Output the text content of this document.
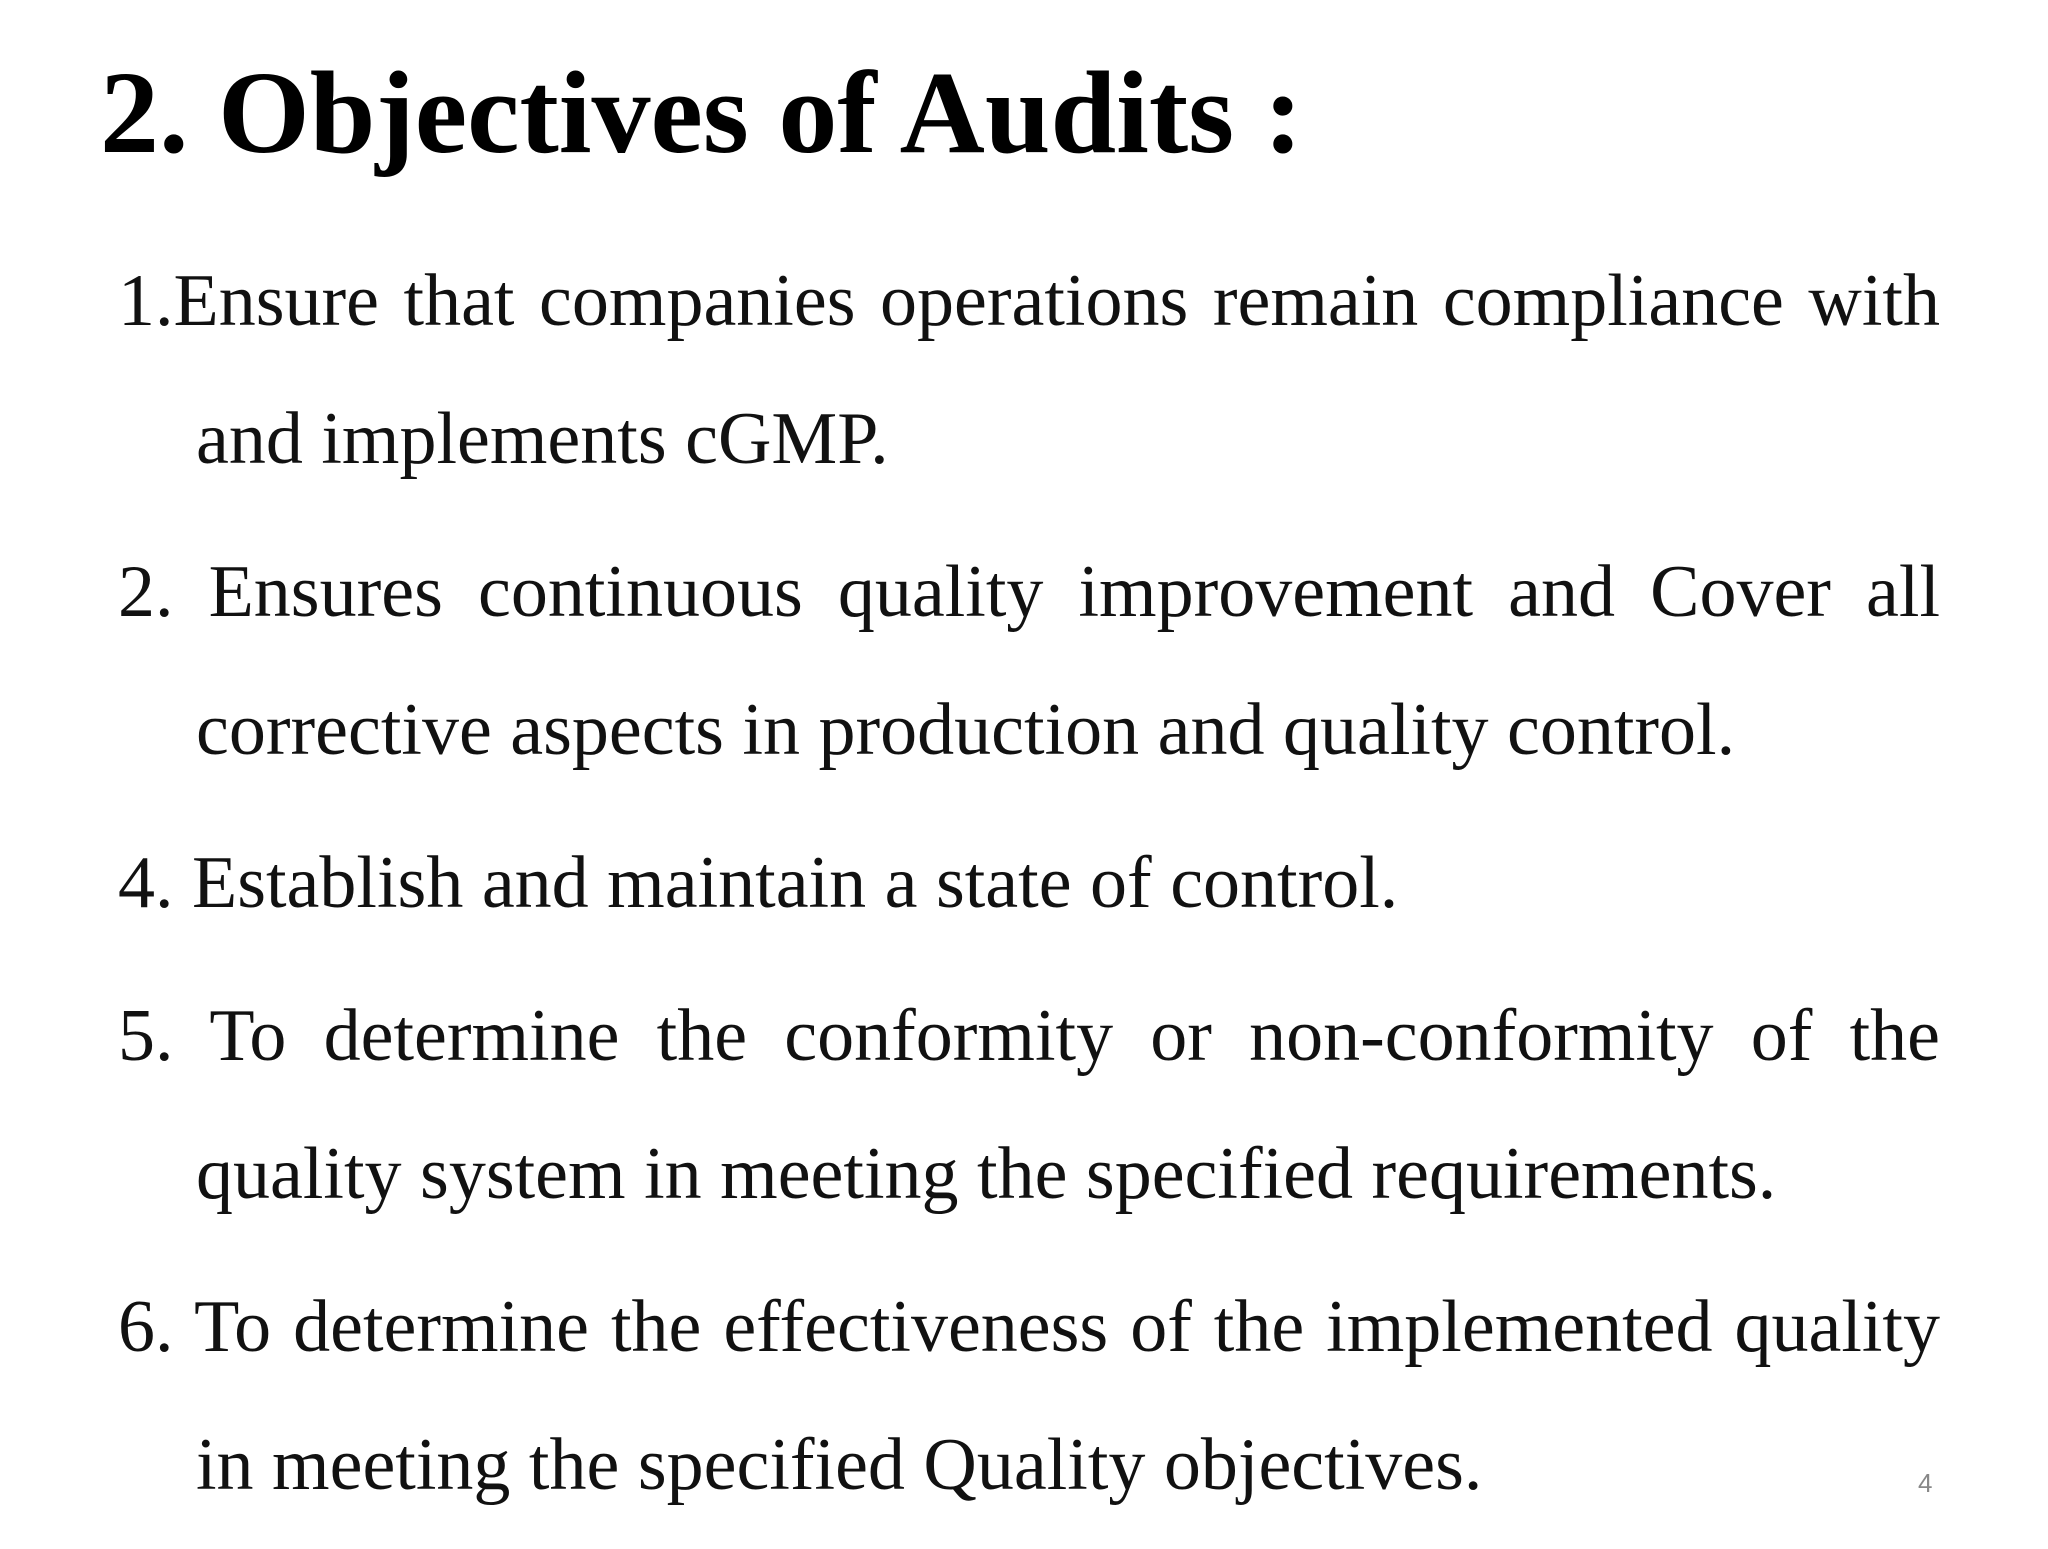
2. Objectives of Audits :

1.Ensure that companies operations remain compliance with and implements cGMP.

2. Ensures continuous quality improvement and Cover all corrective aspects in production and quality control.

4. Establish and maintain a state of control.

5. To determine the conformity or non-conformity of the quality system in meeting the specified requirements.

6. To determine the effectiveness of the implemented quality in meeting the specified Quality objectives.	4
